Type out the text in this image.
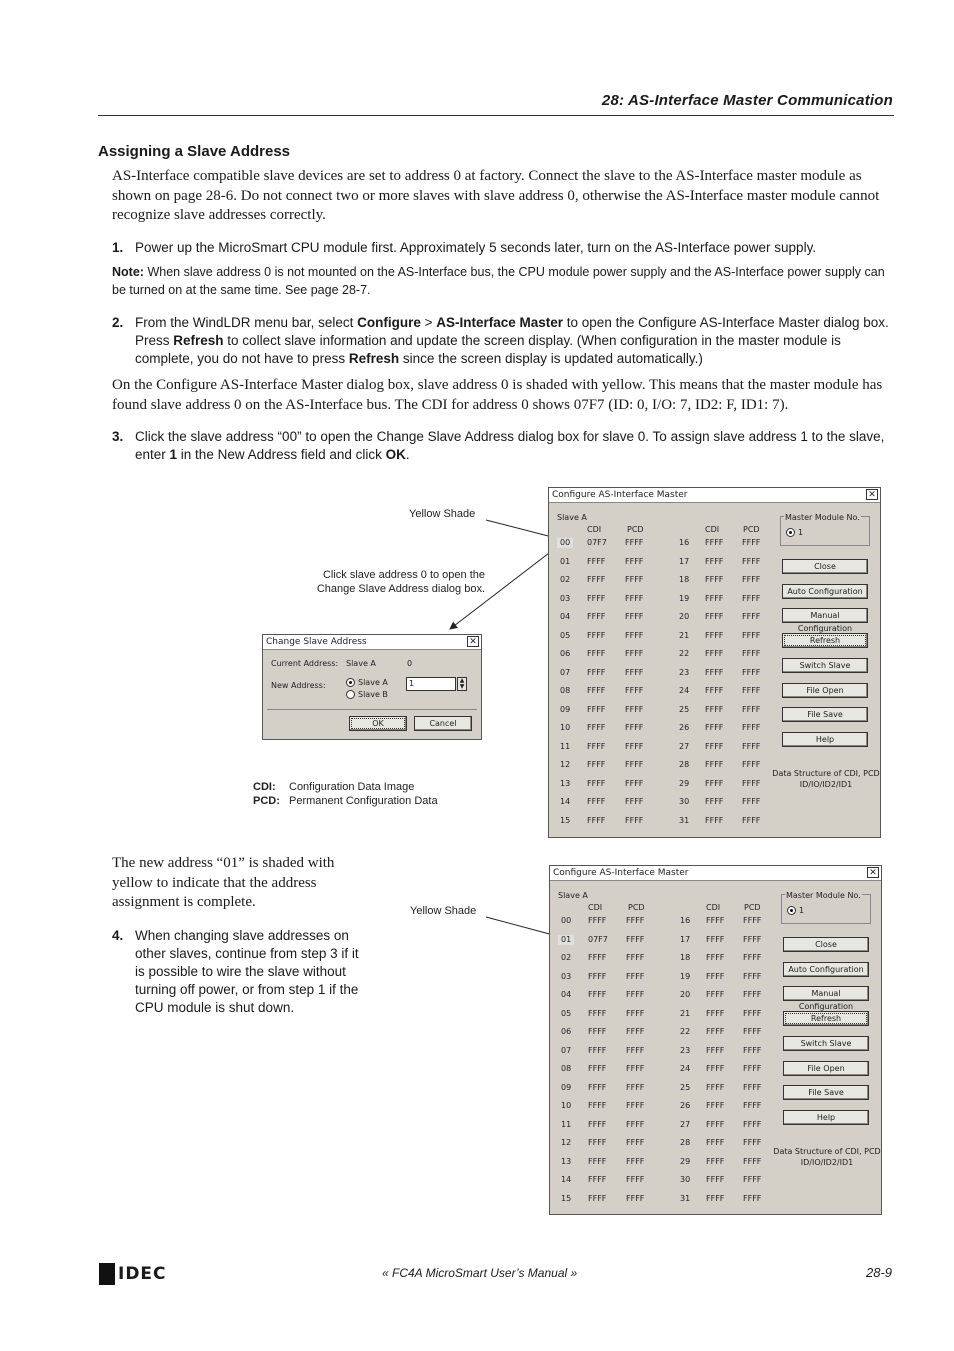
28: AS-Interface Master Communication
Assigning a Slave Address
AS-Interface compatible slave devices are set to address 0 at factory. Connect the slave to the AS-Interface master module as shown on page 28-6. Do not connect two or more slaves with slave address 0, otherwise the AS-Interface master module cannot recognize slave addresses correctly.
1. Power up the MicroSmart CPU module first. Approximately 5 seconds later, turn on the AS-Interface power supply.
Note: When slave address 0 is not mounted on the AS-Interface bus, the CPU module power supply and the AS-Interface power supply can be turned on at the same time. See page 28-7.
2. From the WindLDR menu bar, select Configure > AS-Interface Master to open the Configure AS-Interface Master dialog box. Press Refresh to collect slave information and update the screen display. (When configuration in the master module is complete, you do not have to press Refresh since the screen display is updated automatically.)
On the Configure AS-Interface Master dialog box, slave address 0 is shaded with yellow. This means that the master module has found slave address 0 on the AS-Interface bus. The CDI for address 0 shows 07F7 (ID: 0, I/O: 7, ID2: F, ID1: 7).
3. Click the slave address “00” to open the Change Slave Address dialog box for slave 0. To assign slave address 1 to the slave, enter 1 in the New Address field and click OK.
Yellow Shade
Click slave address 0 to open the
Change Slave Address dialog box.
Change Slave Address	✕
Current Address: Slave A	0
New Address:	Slave A
Slave B
1	▲
▼
OK	Cancel
CDI: Configuration Data Image
PCD: Permanent Configuration Data
Configure AS-Interface Master	✕
Slave A
CDI	PCD	CDI	PCD
00	07F7 FFFF	16 FFFF FFFF
01	FFFF FFFF	17 FFFF FFFF
02	FFFF FFFF	18 FFFF FFFF
03	FFFF FFFF	19 FFFF FFFF
04	FFFF FFFF	20 FFFF FFFF
05	FFFF FFFF	21 FFFF FFFF
06	FFFF FFFF	22 FFFF FFFF
07	FFFF FFFF	23 FFFF FFFF
08	FFFF FFFF	24 FFFF FFFF
09	FFFF FFFF	25 FFFF FFFF
10	FFFF FFFF	26 FFFF FFFF
11	FFFF FFFF	27 FFFF FFFF
12	FFFF FFFF	28 FFFF FFFF
13	FFFF FFFF	29 FFFF FFFF
14	FFFF FFFF	30 FFFF FFFF
15	FFFF FFFF	31 FFFF FFFF
Master Module No.
1
Close
Auto Configuration
Manual Configuration
Refresh
Switch Slave
File Open
File Save
Help
Data Structure of CDI, PCD
ID/IO/ID2/ID1
Configure AS-Interface Master	✕
Slave A
CDI	PCD	CDI	PCD
00	FFFF FFFF	16 FFFF FFFF
01	07F7 FFFF	17 FFFF FFFF
02	FFFF FFFF	18 FFFF FFFF
03	FFFF FFFF	19 FFFF FFFF
04	FFFF FFFF	20 FFFF FFFF
05	FFFF FFFF	21 FFFF FFFF
06	FFFF FFFF	22 FFFF FFFF
07	FFFF FFFF	23 FFFF FFFF
08	FFFF FFFF	24 FFFF FFFF
09	FFFF FFFF	25 FFFF FFFF
10	FFFF FFFF	26 FFFF FFFF
11	FFFF FFFF	27 FFFF FFFF
12	FFFF FFFF	28 FFFF FFFF
13	FFFF FFFF	29 FFFF FFFF
14	FFFF FFFF	30 FFFF FFFF
15	FFFF FFFF	31 FFFF FFFF
Master Module No.
1
Close
Auto Configuration
Manual Configuration
Refresh
Switch Slave
File Open
File Save
Help
Data Structure of CDI, PCD
ID/IO/ID2/ID1
The new address “01” is shaded with yellow to indicate that the address assignment is complete.
Yellow Shade
4. When changing slave addresses on other slaves, continue from step 3 if it is possible to wire the slave without turning off power, or from step 1 if the CPU module is shut down.
IDEC	« FC4A MicroSmart User’s Manual »	28-9
